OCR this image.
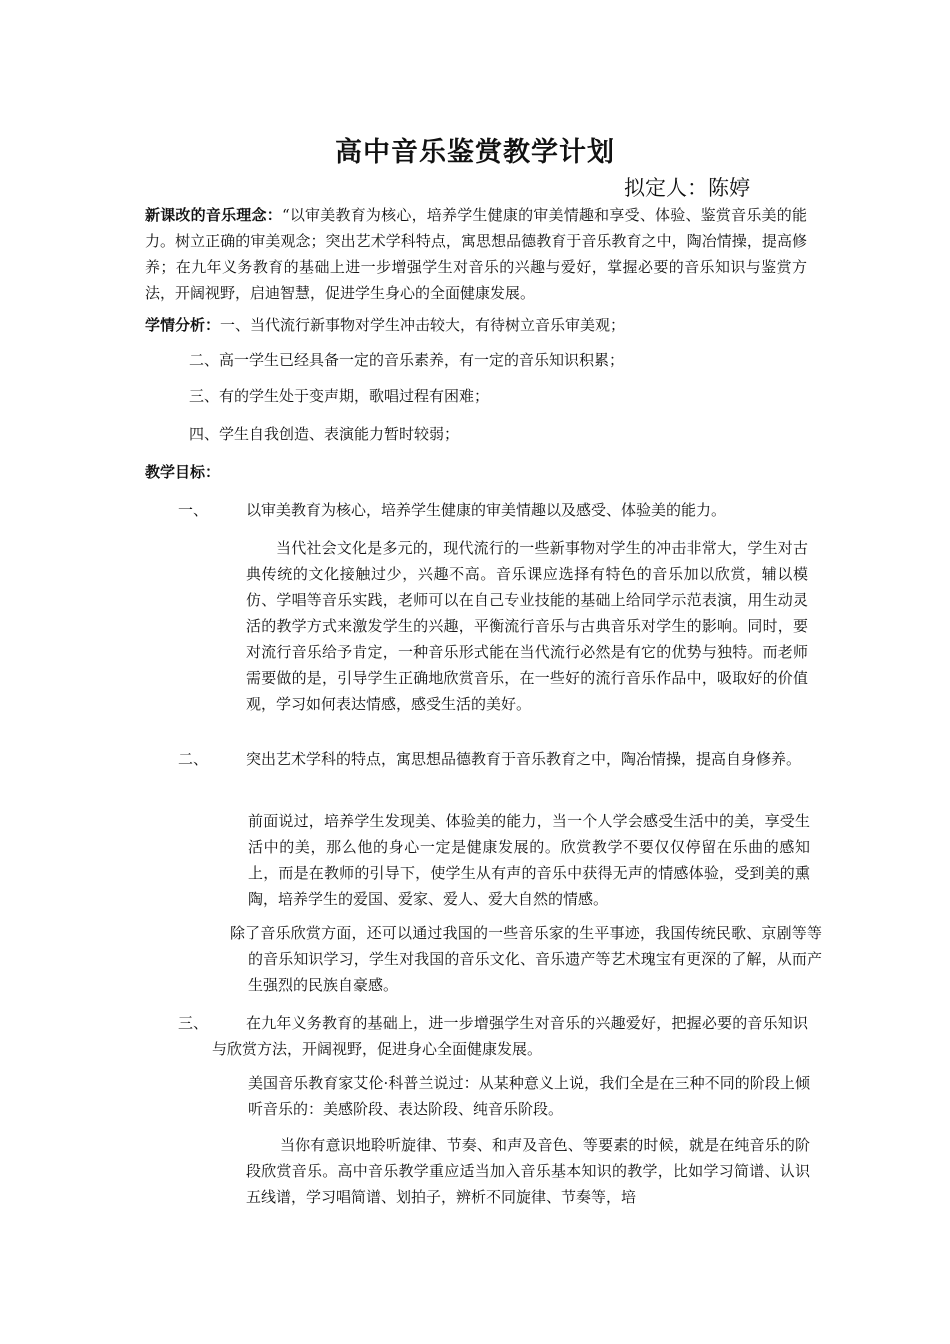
高中音乐鉴赏教学计划
拟定人：陈婷
新课改的音乐理念：“以审美教育为核心，培养学生健康的审美情趣和享受、体验、鉴赏音乐美的能力。树立正确的审美观念；突出艺术学科特点，寓思想品德教育于音乐教育之中，陶冶情操，提高修养；在九年义务教育的基础上进一步增强学生对音乐的兴趣与爱好，掌握必要的音乐知识与鉴赏方法，开阔视野，启迪智慧，促进学生身心的全面健康发展。
学情分析：一、当代流行新事物对学生冲击较大，有待树立音乐审美观；
二、高一学生已经具备一定的音乐素养，有一定的音乐知识积累；
三、有的学生处于变声期，歌唱过程有困难；
四、学生自我创造、表演能力暂时较弱；
教学目标：
一、	以审美教育为核心，培养学生健康的审美情趣以及感受、体验美的能力。
当代社会文化是多元的，现代流行的一些新事物对学生的冲击非常大，学生对古典传统的文化接触过少，兴趣不高。音乐课应选择有特色的音乐加以欣赏，辅以模仿、学唱等音乐实践，老师可以在自己专业技能的基础上给同学示范表演，用生动灵活的教学方式来激发学生的兴趣，平衡流行音乐与古典音乐对学生的影响。同时，要对流行音乐给予肯定，一种音乐形式能在当代流行必然是有它的优势与独特。而老师需要做的是，引导学生正确地欣赏音乐，在一些好的流行音乐作品中，吸取好的价值观，学习如何表达情感，感受生活的美好。
二、	突出艺术学科的特点，寓思想品德教育于音乐教育之中，陶冶情操，提高自身修养。
前面说过，培养学生发现美、体验美的能力，当一个人学会感受生活中的美，享受生活中的美，那么他的身心一定是健康发展的。欣赏教学不要仅仅停留在乐曲的感知上，而是在教师的引导下，使学生从有声的音乐中获得无声的情感体验，受到美的熏陶，培养学生的爱国、爱家、爱人、爱大自然的情感。
除了音乐欣赏方面，还可以通过我国的一些音乐家的生平事迹，我国传统民歌、京剧等等的音乐知识学习，学生对我国的音乐文化、音乐遗产等艺术瑰宝有更深的了解，从而产生强烈的民族自豪感。
三、	在九年义务教育的基础上，进一步增强学生对音乐的兴趣爱好，把握必要的音乐知识与欣赏方法，开阔视野，促进身心全面健康发展。
美国音乐教育家艾伦·科普兰说过：从某种意义上说，我们全是在三种不同的阶段上倾听音乐的：美感阶段、表达阶段、纯音乐阶段。
当你有意识地聆听旋律、节奏、和声及音色、等要素的时候，就是在纯音乐的阶段欣赏音乐。高中音乐教学重应适当加入音乐基本知识的教学，比如学习简谱、认识五线谱，学习唱简谱、划拍子，辨析不同旋律、节奏等，培
